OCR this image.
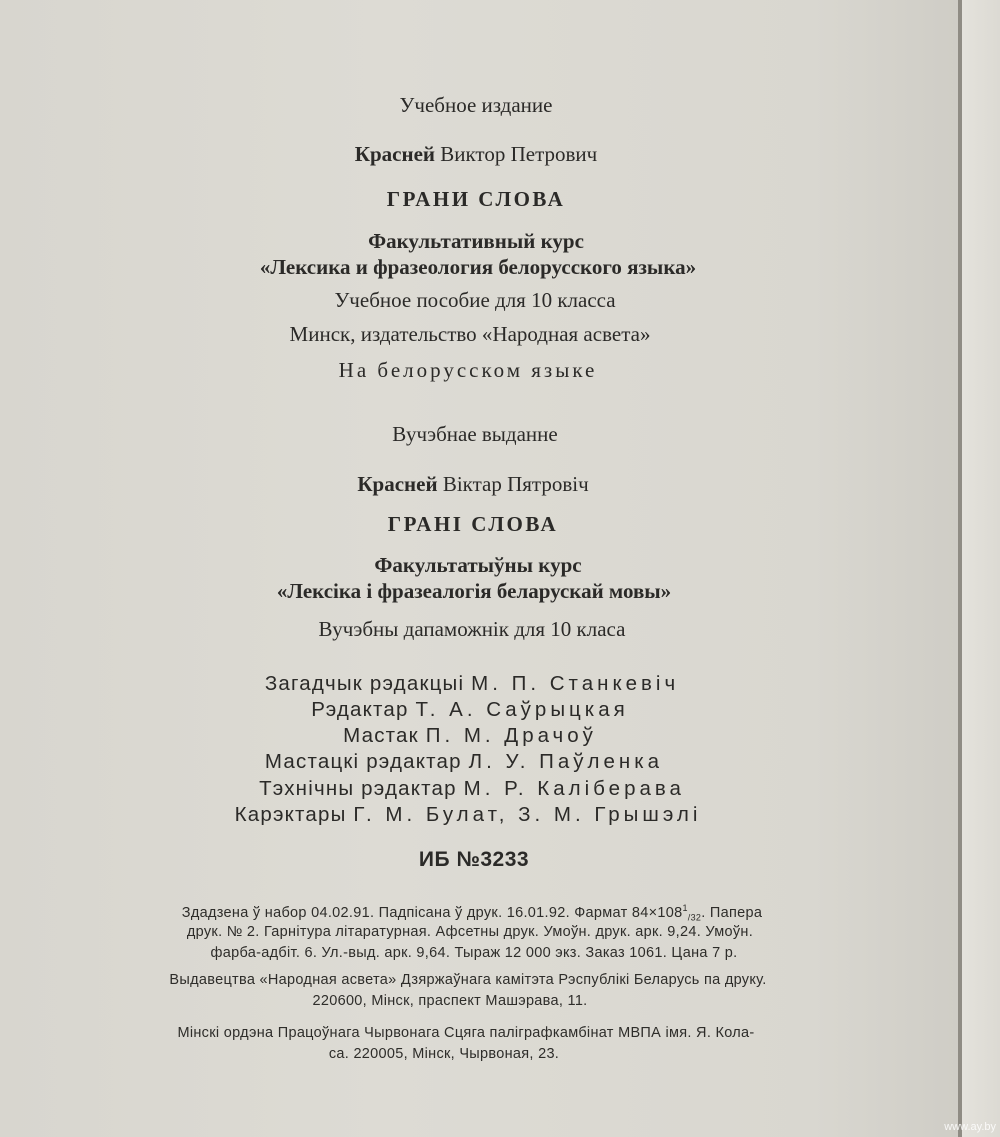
Учебное издание

Красней Виктор Петрович

ГРАНИ СЛОВА

Факультативный курс

«Лексика и фразеология белорусского языка»

Учебное пособие для 10 класса

Минск, издательство «Народная асвета»

На белорусском языке

Вучэбнае выданне

Красней Віктар Пятровіч

ГРАНІ СЛОВА

Факультатыўны курс

«Лексіка і фразеалогія беларускай мовы»

Вучэбны дапаможнік для 10 класа

Загадчык рэдакцыі М. П. Станкевіч

Рэдактар Т. А. Саўрыцкая

Мастак П. М. Драчоў

Мастацкі рэдактар Л. У. Паўленка

Тэхнічны рэдактар М. Р. Каліберава

Карэктары Г. М. Булат, З. М. Грышэлі

ИБ №3233

Здадзена ў набор 04.02.91. Падпісана ў друк. 16.01.92. Фармат $84\times 108^1_{/32}$. Папера

друк. № 2. Гарнітура літаратурная. Афсетны друк. Умоўн. друк. арк. 9,24. Умоўн.

фарба-адбіт. 6. Ул.-выд. арк. 9,64. Тыраж 12 000 экз. Заказ 1061. Цана 7 р.

Выдавецтва «Народная асвета» Дзяржаўнага камітэта Рэспублікі Беларусь па друку.

220600, Мінск, праспект Машэрава, 11.

Мінскі ордэна Працоўнага Чырвонага Сцяга паліграфкамбінат МВПА імя. Я. Кола-

са. 220005, Мінск, Чырвоная, 23.

www.ay.by
